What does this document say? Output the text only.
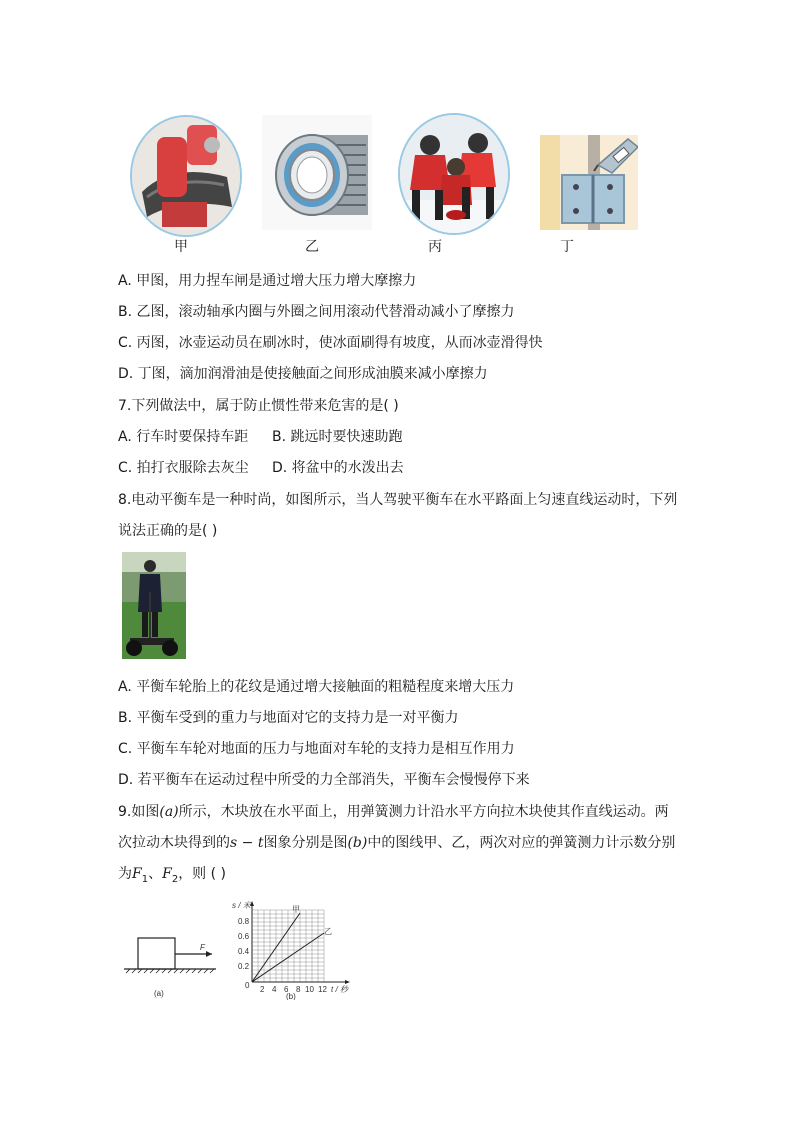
甲	乙	丙	丁
A. 甲图，用力捏车闸是通过增大压力增大摩擦力
B. 乙图，滚动轴承内圈与外圈之间用滚动代替滑动减小了摩擦力
C. 丙图，冰壶运动员在刷冰时，使冰面刷得有坡度，从而冰壶滑得快
D. 丁图，滴加润滑油是使接触面之间形成油膜来减小摩擦力
7.下列做法中，属于防止惯性带来危害的是( )
A. 行车时要保持车距 B. 跳远时要快速助跑
C. 拍打衣服除去灰尘 D. 将盆中的水泼出去
8.电动平衡车是一种时尚，如图所示，当人驾驶平衡车在水平路面上匀速直线运动时，下列
说法正确的是( )
A. 平衡车轮胎上的花纹是通过增大接触面的粗糙程度来增大压力
B. 平衡车受到的重力与地面对它的支持力是一对平衡力
C. 平衡车车轮对地面的压力与地面对车轮的支持力是相互作用力
D. 若平衡车在运动过程中所受的力全部消失，平衡车会慢慢停下来
9.如图(a)所示，木块放在水平面上，用弹簧测力计沿水平方向拉木块使其作直线运动。两
次拉动木块得到的s − t图象分别是图(b)中的图线甲、乙，两次对应的弹簧测力计示数分别
为$F_1$、$F_2$，则 ( )
F
(a)
s / 米
t / 秒
0.8
0.6
0.4
0.2
0 2 4 6 8 10 12
甲
乙
(b)
